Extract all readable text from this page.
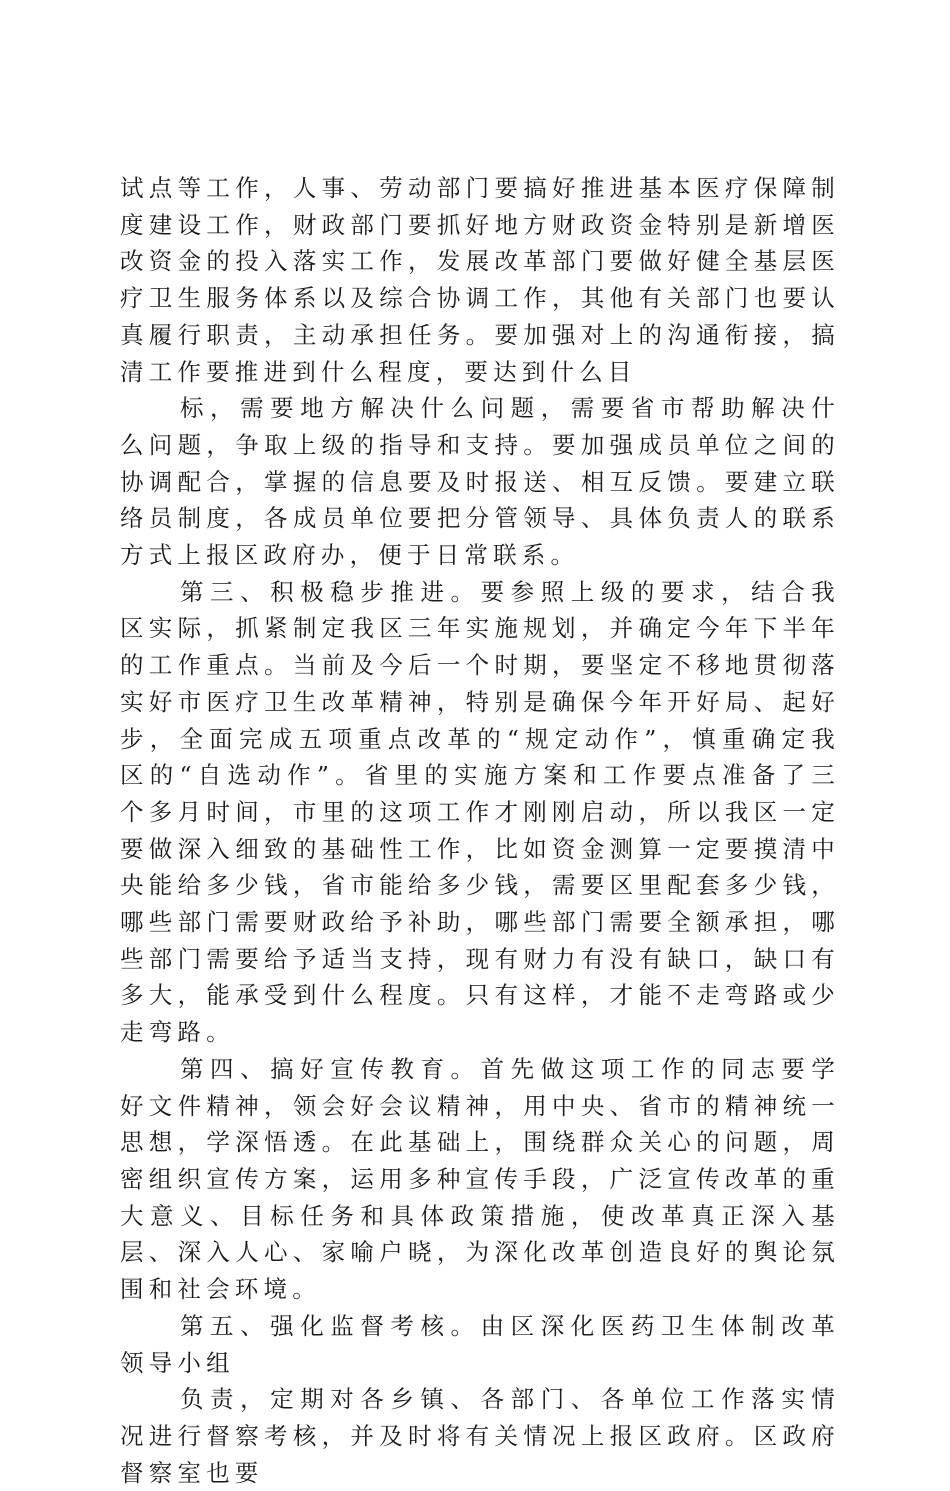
试点等工作，人事、劳动部门要搞好推进基本医疗保障制度建设工作，财政部门要抓好地方财政资金特别是新增医改资金的投入落实工作，发展改革部门要做好健全基层医疗卫生服务体系以及综合协调工作，其他有关部门也要认真履行职责，主动承担任务。要加强对上的沟通衔接，搞清工作要推进到什么程度，要达到什么目

标，需要地方解决什么问题，需要省市帮助解决什么问题，争取上级的指导和支持。要加强成员单位之间的协调配合，掌握的信息要及时报送、相互反馈。要建立联络员制度，各成员单位要把分管领导、具体负责人的联系方式上报区政府办，便于日常联系。

第三、积极稳步推进。要参照上级的要求，结合我区实际，抓紧制定我区三年实施规划，并确定今年下半年的工作重点。当前及今后一个时期，要坚定不移地贯彻落实好市医疗卫生改革精神，特别是确保今年开好局、起好步，全面完成五项重点改革的“规定动作”，慎重确定我区的“自选动作”。省里的实施方案和工作要点准备了三个多月时间，市里的这项工作才刚刚启动，所以我区一定要做深入细致的基础性工作，比如资金测算一定要摸清中央能给多少钱，省市能给多少钱，需要区里配套多少钱，哪些部门需要财政给予补助，哪些部门需要全额承担，哪些部门需要给予适当支持，现有财力有没有缺口，缺口有多大，能承受到什么程度。只有这样，才能不走弯路或少走弯路。

第四、搞好宣传教育。首先做这项工作的同志要学好文件精神，领会好会议精神，用中央、省市的精神统一思想，学深悟透。在此基础上，围绕群众关心的问题，周密组织宣传方案，运用多种宣传手段，广泛宣传改革的重大意义、目标任务和具体政策措施，使改革真正深入基层、深入人心、家喻户晓，为深化改革创造良好的舆论氛围和社会环境。

第五、强化监督考核。由区深化医药卫生体制改革领导小组

负责，定期对各乡镇、各部门、各单位工作落实情况进行督察考核，并及时将有关情况上报区政府。区政府督察室也要
